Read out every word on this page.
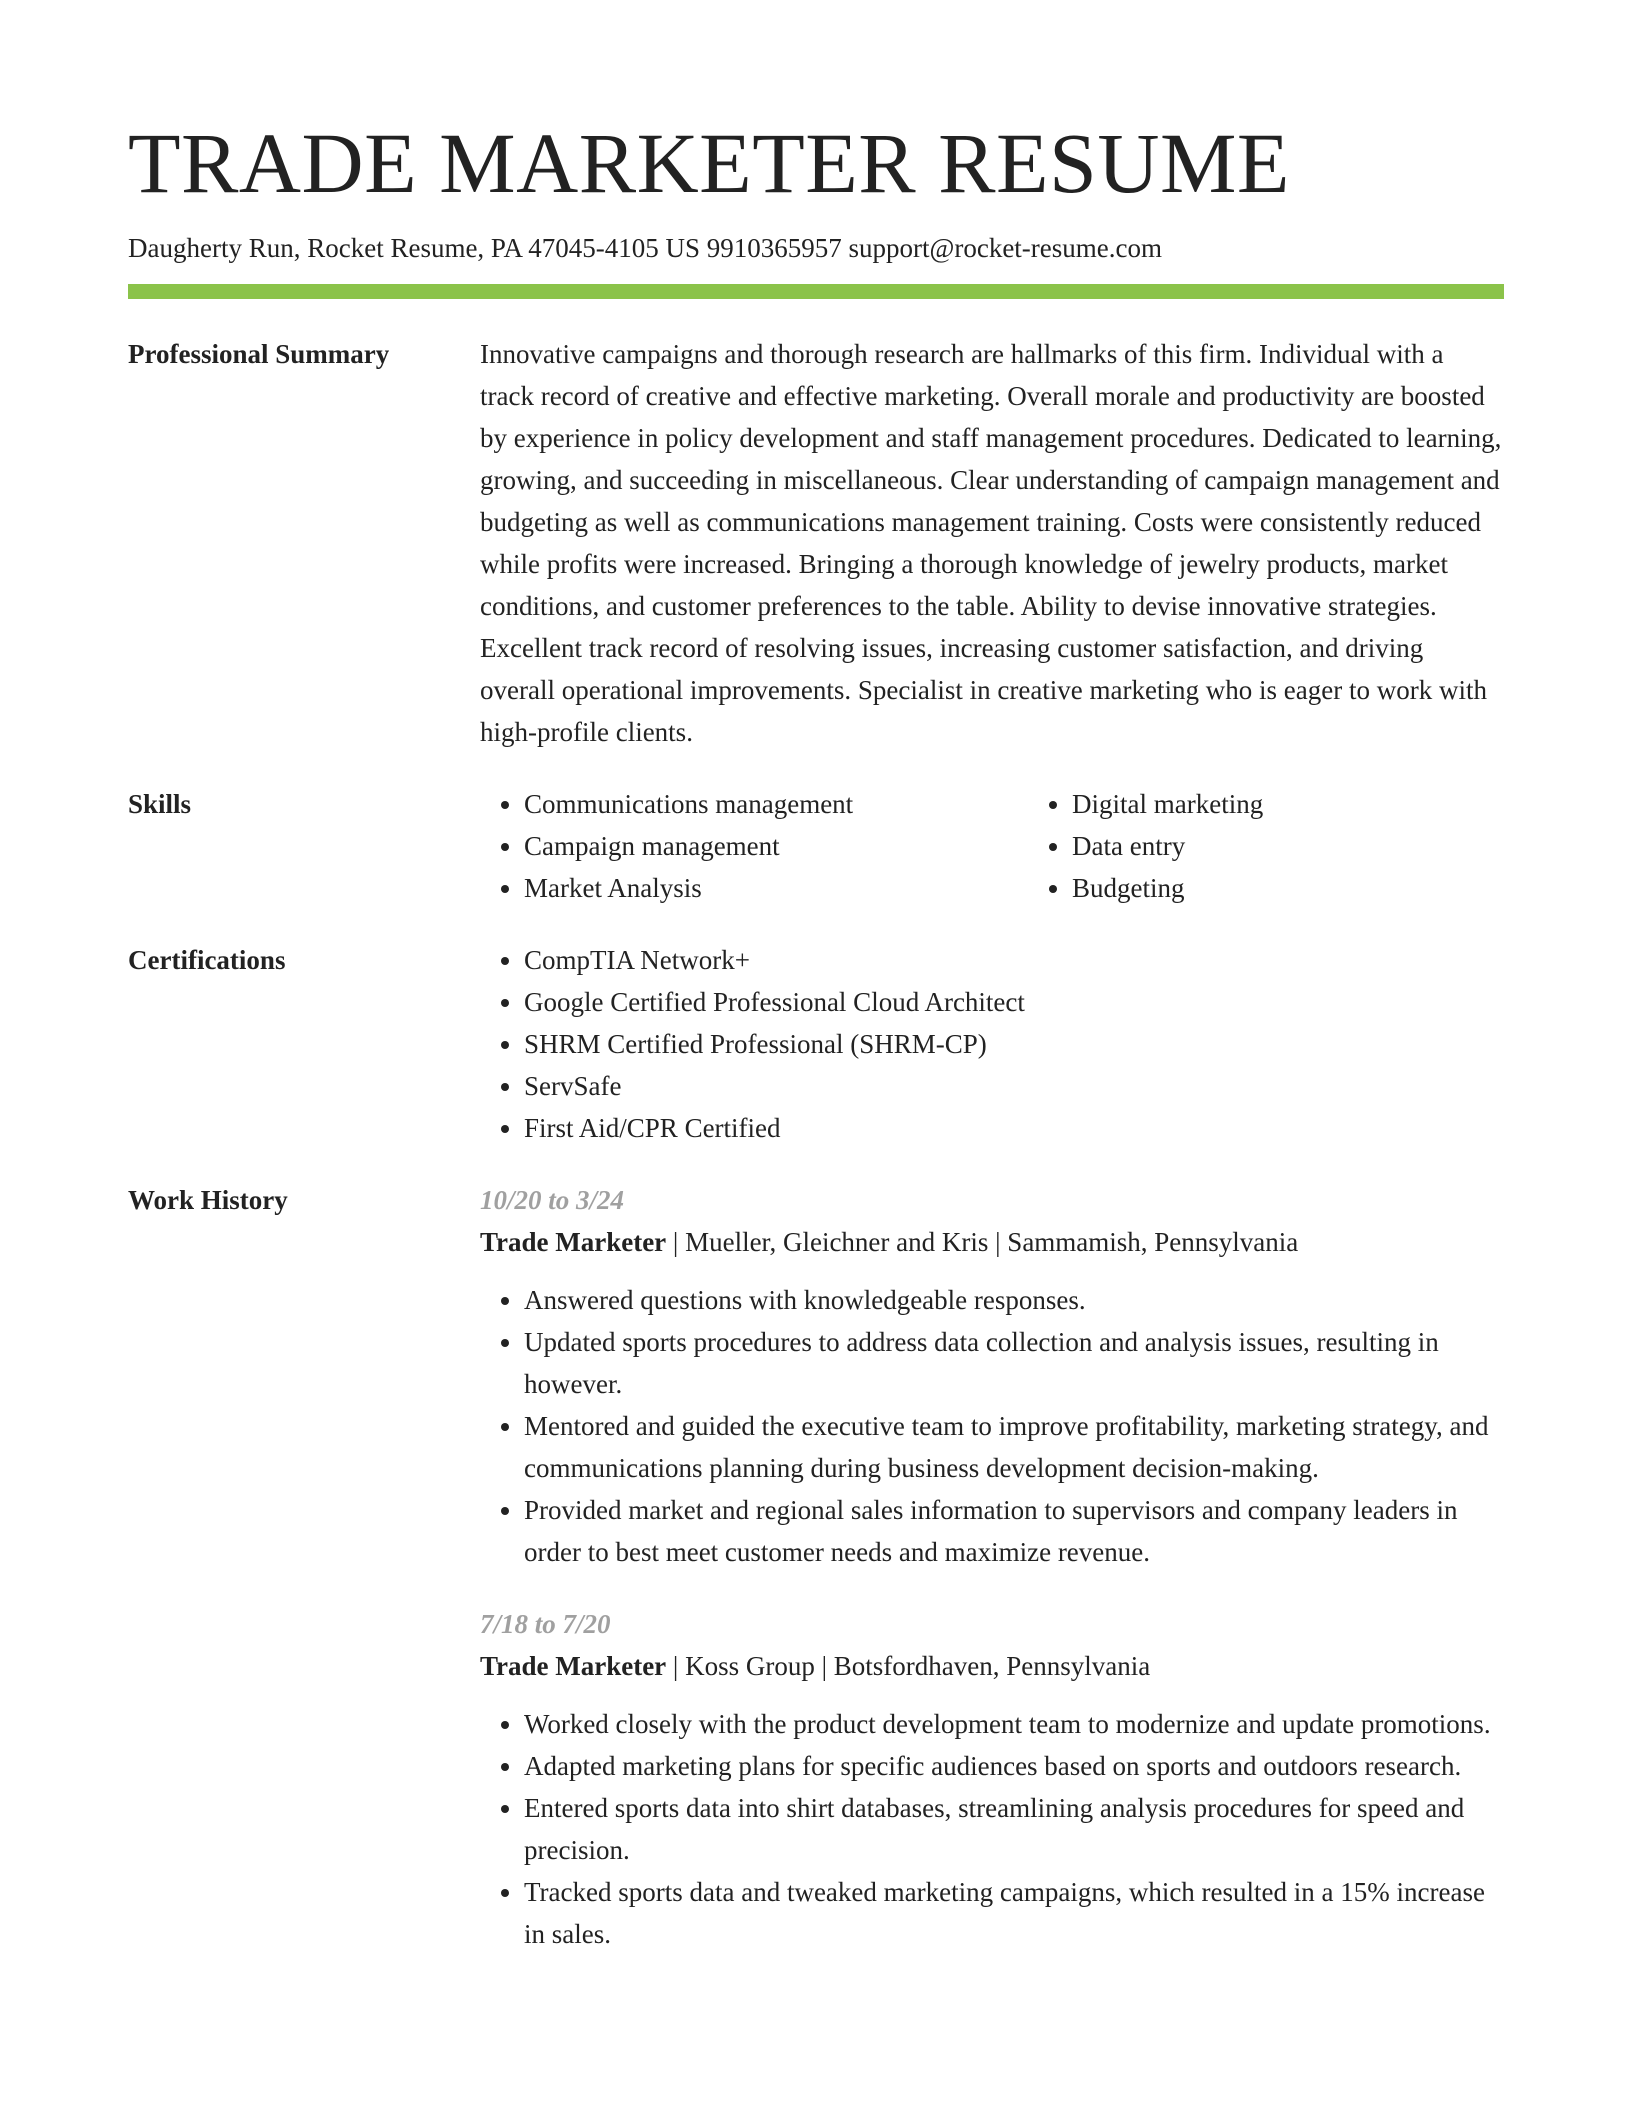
TRADE MARKETER RESUME
Daugherty Run, Rocket Resume, PA 47045-4105 US 9910365957 support@rocket-resume.com
Professional Summary	Innovative campaigns and thorough research are hallmarks of this firm. Individual with a track record of creative and effective marketing. Overall morale and productivity are boosted by experience in policy development and staff management procedures. Dedicated to learning, growing, and succeeding in miscellaneous. Clear understanding of campaign management and budgeting as well as communications management training. Costs were consistently reduced while profits were increased. Bringing a thorough knowledge of jewelry products, market conditions, and customer preferences to the table. Ability to devise innovative strategies. Excellent track record of resolving issues, increasing customer satisfaction, and driving overall operational improvements. Specialist in creative marketing who is eager to work with high-profile clients.

Skills	• Communications management
• Campaign management
• Market Analysis
• Digital marketing
• Data entry
• Budgeting
Certifications	• CompTIA Network+
• Google Certified Professional Cloud Architect
• SHRM Certified Professional (SHRM-CP)
• ServSafe
• First Aid/CPR Certified
Work History	10/20 to 3/24
Trade Marketer | Mueller, Gleichner and Kris | Sammamish, Pennsylvania
• Answered questions with knowledgeable responses.
• Updated sports procedures to address data collection and analysis issues, resulting in however.
• Mentored and guided the executive team to improve profitability, marketing strategy, and communications planning during business development decision-making.
• Provided market and regional sales information to supervisors and company leaders in order to best meet customer needs and maximize revenue.
7/18 to 7/20
Trade Marketer | Koss Group | Botsfordhaven, Pennsylvania
• Worked closely with the product development team to modernize and update promotions.
• Adapted marketing plans for specific audiences based on sports and outdoors research.
• Entered sports data into shirt databases, streamlining analysis procedures for speed and precision.
• Tracked sports data and tweaked marketing campaigns, which resulted in a 15% increase in sales.
